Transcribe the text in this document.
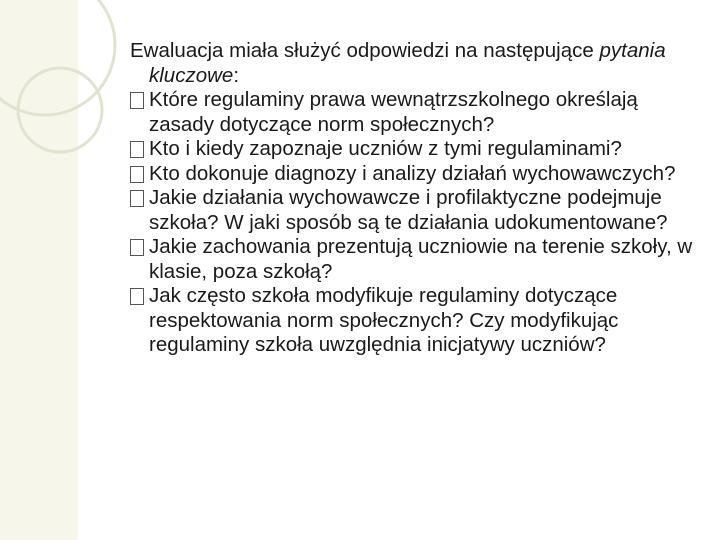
Ewaluacja miała służyć odpowiedzi na następujące pytania kluczowe:

Które regulaminy prawa wewnątrzszkolnego określają zasady dotyczące norm społecznych?

Kto i kiedy zapoznaje uczniów z tymi regulaminami?

Kto dokonuje diagnozy i analizy działań wychowawczych?

Jakie działania wychowawcze i profilaktyczne podejmuje szkoła? W jaki sposób są te działania udokumentowane?

Jakie zachowania prezentują uczniowie na terenie szkoły, w klasie, poza szkołą?

Jak często szkoła modyfikuje regulaminy dotyczące respektowania norm społecznych? Czy modyfikując regulaminy szkoła uwzględnia inicjatywy uczniów?
